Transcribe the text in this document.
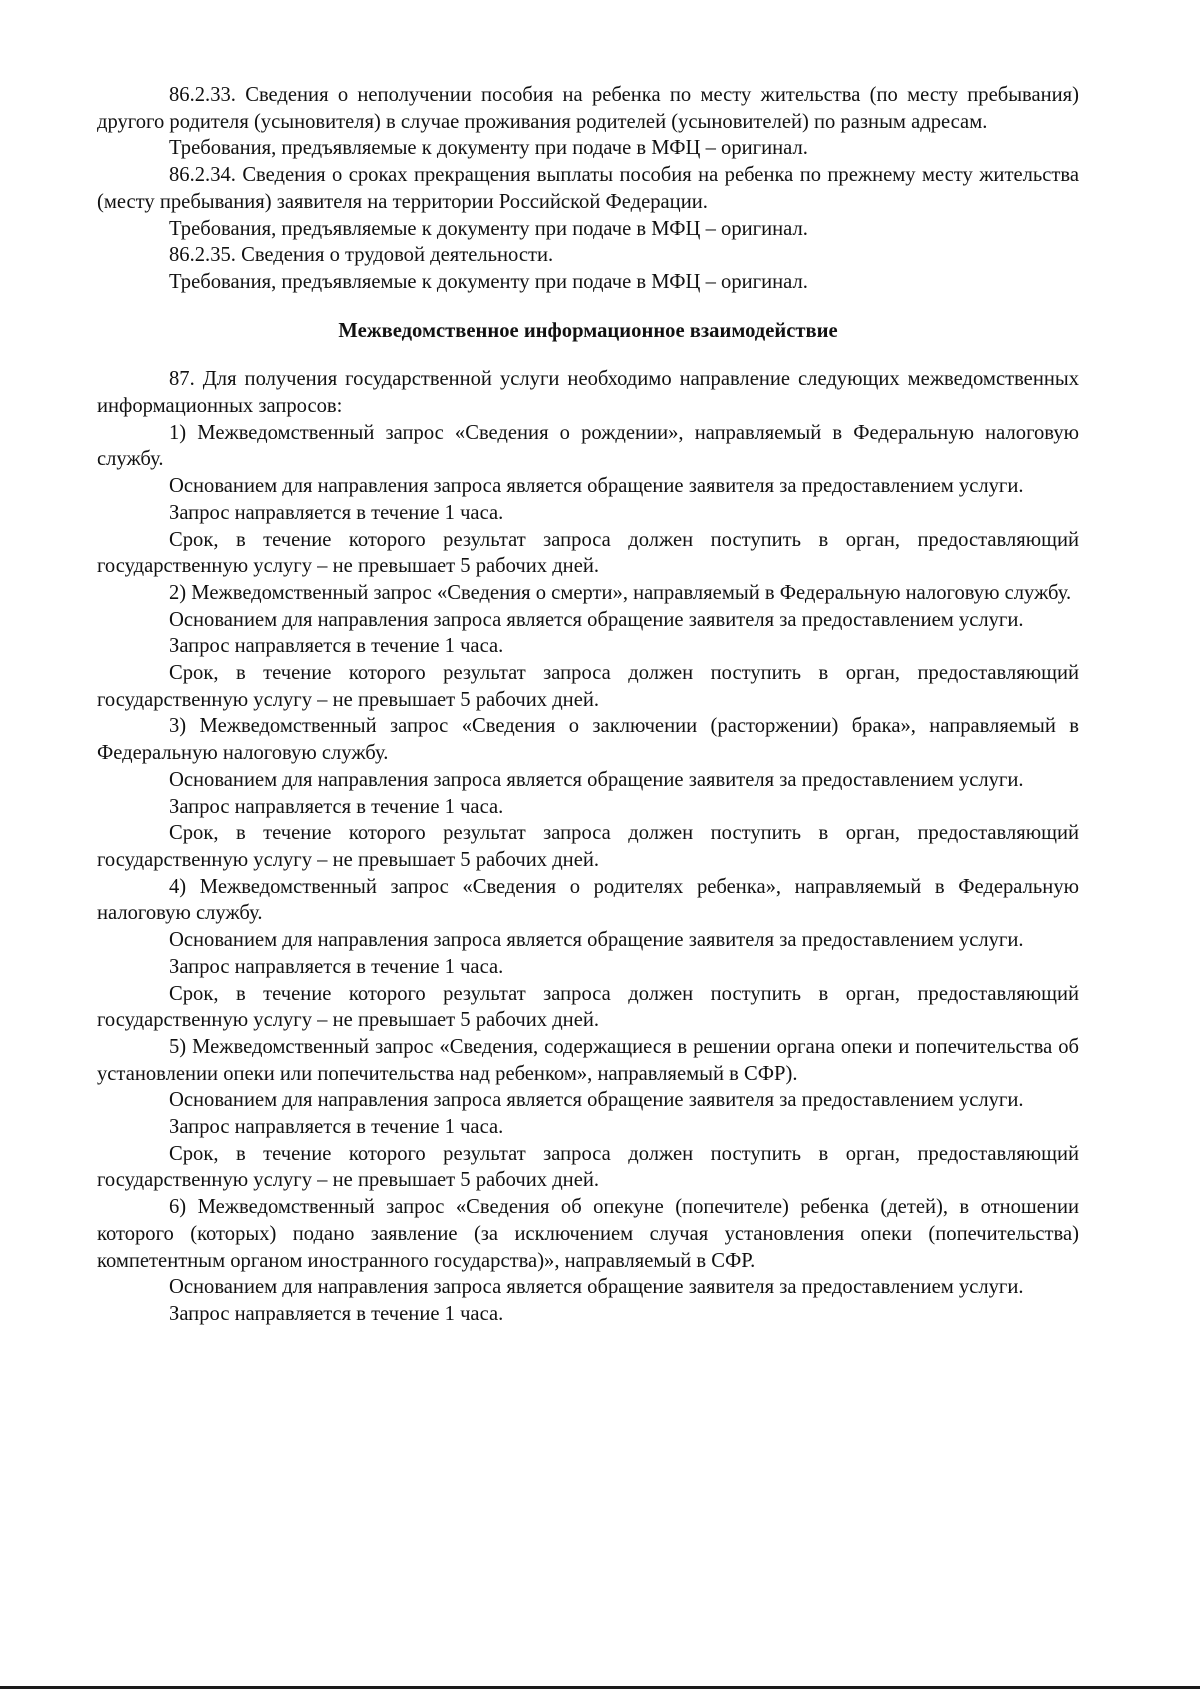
86.2.33. Сведения о неполучении пособия на ребенка по месту жительства (по месту пребывания) другого родителя (усыновителя) в случае проживания родителей (усыновителей) по разным адресам.

Требования, предъявляемые к документу при подаче в МФЦ – оригинал.

86.2.34. Сведения о сроках прекращения выплаты пособия на ребенка по прежнему месту жительства (месту пребывания) заявителя на территории Российской Федерации.

Требования, предъявляемые к документу при подаче в МФЦ – оригинал.

86.2.35. Сведения о трудовой деятельности.

Требования, предъявляемые к документу при подаче в МФЦ – оригинал.

Межведомственное информационное взаимодействие

87. Для получения государственной услуги необходимо направление следующих межведомственных информационных запросов:

1) Межведомственный запрос «Сведения о рождении», направляемый в Федеральную налоговую службу.

Основанием для направления запроса является обращение заявителя за предоставлением услуги.

Запрос направляется в течение 1 часа.

Срок, в течение которого результат запроса должен поступить в орган, предоставляющий государственную услугу – не превышает 5 рабочих дней.

2) Межведомственный запрос «Сведения о смерти», направляемый в Федеральную налоговую службу.

Основанием для направления запроса является обращение заявителя за предоставлением услуги.

Запрос направляется в течение 1 часа.

Срок, в течение которого результат запроса должен поступить в орган, предоставляющий государственную услугу – не превышает 5 рабочих дней.

3) Межведомственный запрос «Сведения о заключении (расторжении) брака», направляемый в Федеральную налоговую службу.

Основанием для направления запроса является обращение заявителя за предоставлением услуги.

Запрос направляется в течение 1 часа.

Срок, в течение которого результат запроса должен поступить в орган, предоставляющий государственную услугу – не превышает 5 рабочих дней.

4) Межведомственный запрос «Сведения о родителях ребенка», направляемый в Федеральную налоговую службу.

Основанием для направления запроса является обращение заявителя за предоставлением услуги.

Запрос направляется в течение 1 часа.

Срок, в течение которого результат запроса должен поступить в орган, предоставляющий государственную услугу – не превышает 5 рабочих дней.

5) Межведомственный запрос «Сведения, содержащиеся в решении органа опеки и попечительства об установлении опеки или попечительства над ребенком», направляемый в СФР).

Основанием для направления запроса является обращение заявителя за предоставлением услуги.

Запрос направляется в течение 1 часа.

Срок, в течение которого результат запроса должен поступить в орган, предоставляющий государственную услугу – не превышает 5 рабочих дней.

6) Межведомственный запрос «Сведения об опекуне (попечителе) ребенка (детей), в отношении которого (которых) подано заявление (за исключением случая установления опеки (попечительства) компетентным органом иностранного государства)», направляемый в СФР.

Основанием для направления запроса является обращение заявителя за предоставлением услуги.

Запрос направляется в течение 1 часа.
